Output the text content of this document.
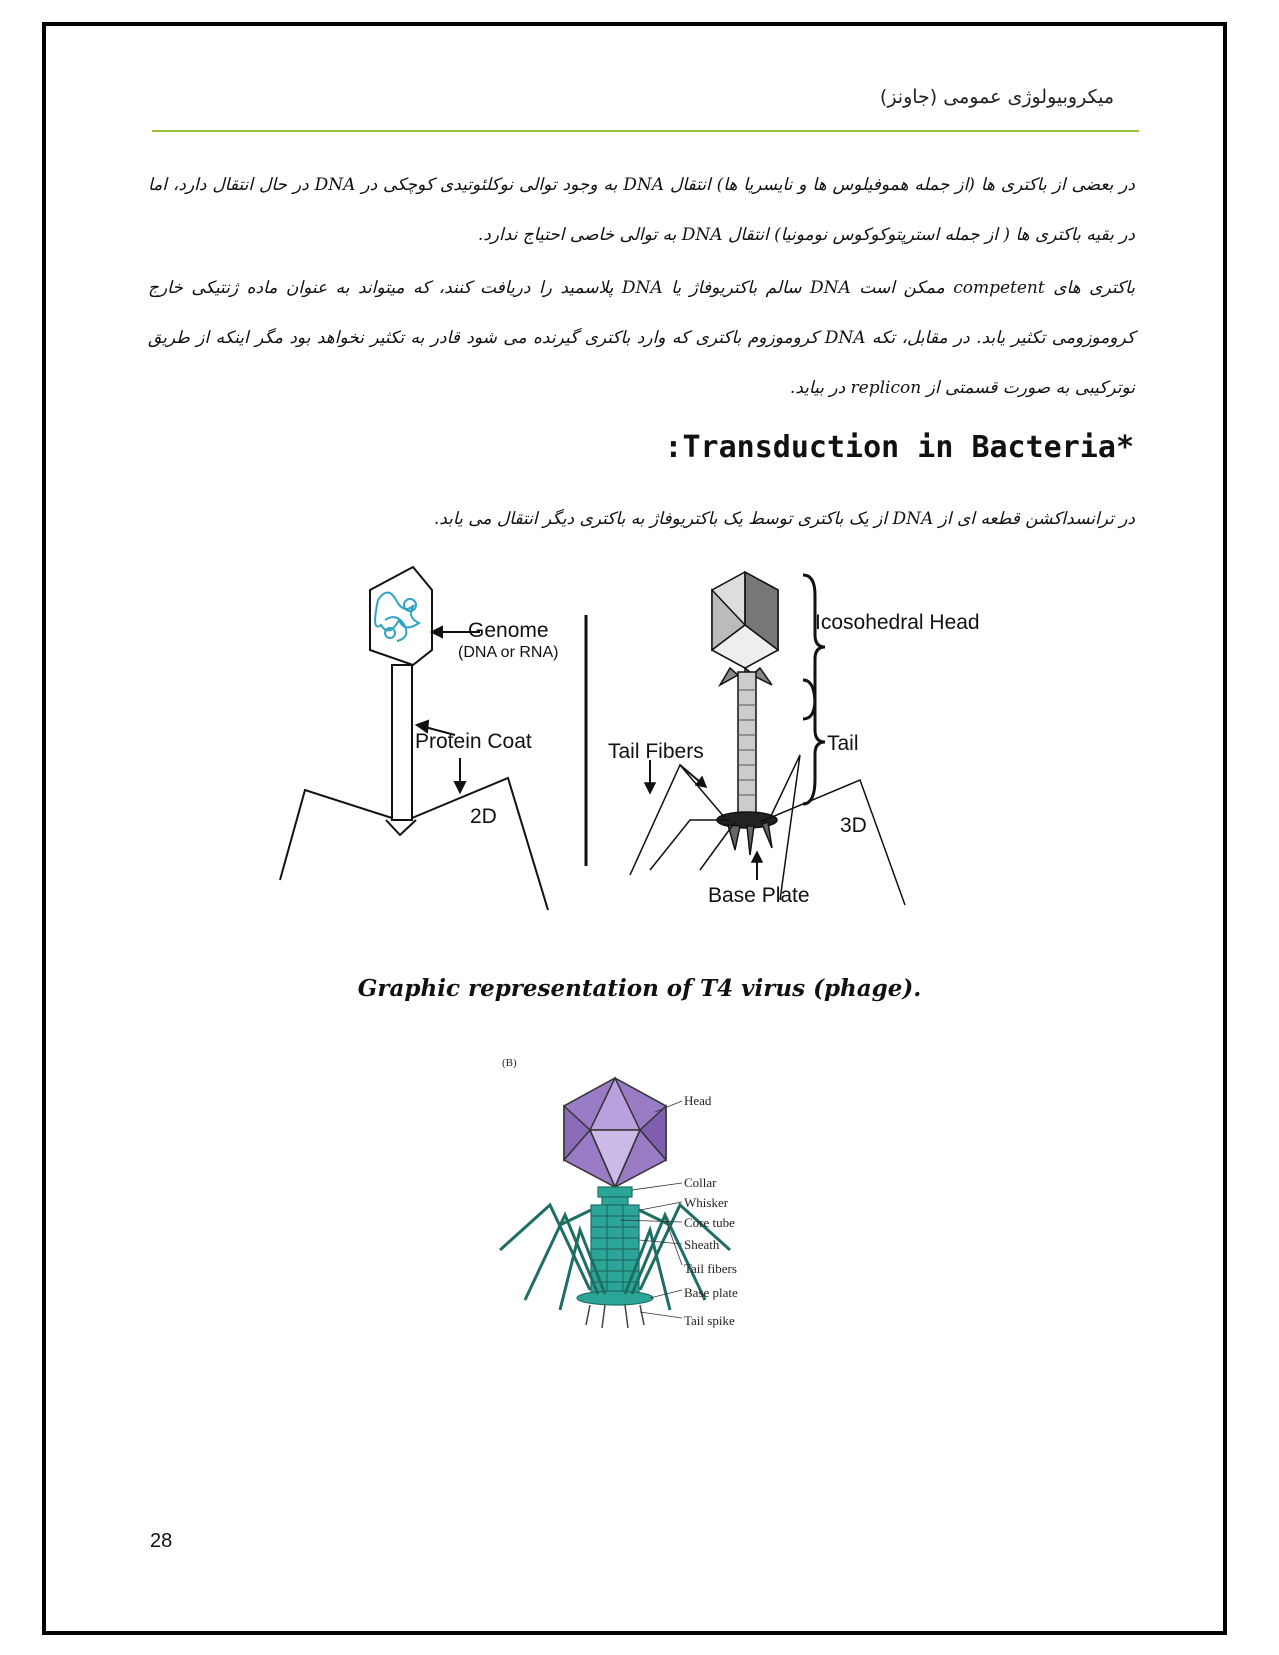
میکروبیولوژی عمومی (جاونز)
در بعضی از باکتری ها (از جمله هموفیلوس ها و نایسریا ها) انتقال DNA به وجود توالی نوکلئوتیدی کوچکی در DNA در حال انتقال دارد، اما در بقیه باکتری ها ( از جمله استرپتوکوکوس نومونیا) انتقال DNA به توالی خاصی احتیاج ندارد.
باکتری های competent ممکن است DNA سالم باکتریوفاژ یا DNA پلاسمید را دریافت کنند، که میتواند به عنوان ماده ژنتیکی خارج کروموزومی تکثیر یابد. در مقابل، تکه DNA کروموزوم باکتری که وارد باکتری گیرنده می شود قادر به تکثیر نخواهد بود مگر اینکه از طریق نوترکیبی به صورت قسمتی از replicon در بیاید.
*Transduction in Bacteria:
در ترانسداکشن قطعه ای از DNA از یک باکتری توسط یک باکتریوفاژ به باکتری دیگر انتقال می یابد.
Genome
(DNA or RNA)
Protein Coat
2D
Icosohedral Head
Tail
Tail Fibers
3D
Base Plate
Graphic representation of T4 virus (phage).
(B)
Head
Collar
Whisker
Core tube
Sheath
Tail fibers
Base plate
Tail spike
28
